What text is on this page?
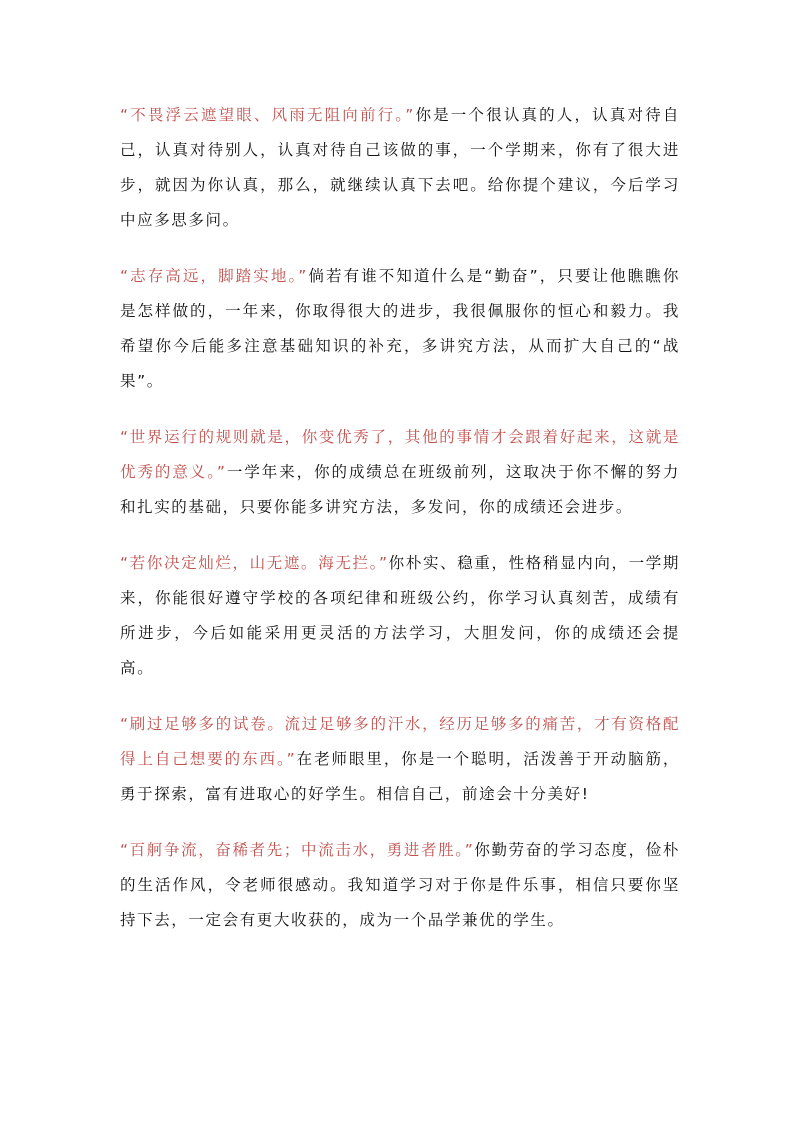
“不畏浮云遮望眼、风雨无阻向前行。”你是一个很认真的人，认真对待自己，认真对待别人，认真对待自己该做的事，一个学期来，你有了很大进步，就因为你认真，那么，就继续认真下去吧。给你提个建议，今后学习中应多思多问。

“志存高远，脚踏实地。”倘若有谁不知道什么是“勤奋”，只要让他瞧瞧你是怎样做的，一年来，你取得很大的进步，我很佩服你的恒心和毅力。我希望你今后能多注意基础知识的补充，多讲究方法，从而扩大自己的“战果”。

“世界运行的规则就是，你变优秀了，其他的事情才会跟着好起来，这就是优秀的意义。”一学年来，你的成绩总在班级前列，这取决于你不懈的努力和扎实的基础，只要你能多讲究方法，多发问，你的成绩还会进步。

“若你决定灿烂，山无遮。海无拦。”你朴实、稳重，性格稍显内向，一学期来，你能很好遵守学校的各项纪律和班级公约，你学习认真刻苦，成绩有所进步，今后如能采用更灵活的方法学习，大胆发问，你的成绩还会提高。

“刷过足够多的试卷。流过足够多的汗水，经历足够多的痛苦，才有资格配得上自己想要的东西。”在老师眼里，你是一个聪明，活泼善于开动脑筋，勇于探索，富有进取心的好学生。相信自己，前途会十分美好!

“百舸争流，奋稀者先；中流击水，勇进者胜。”你勤劳奋的学习态度，俭朴的生活作风，令老师很感动。我知道学习对于你是件乐事，相信只要你坚持下去，一定会有更大收获的，成为一个品学兼优的学生。
